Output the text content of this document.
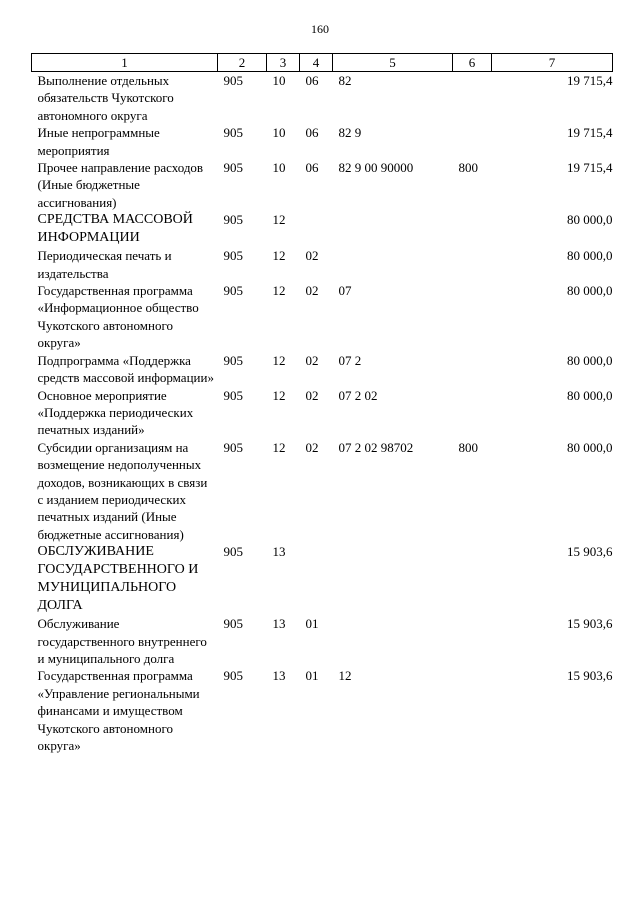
160
1	2	3	4	5	6	7
Выполнение отдельных обязательств Чукотского автономного округа	905	10	06	82		19 715,4
Иные непрограммные мероприятия	905	10	06	82 9		19 715,4
Прочее направление расходов (Иные бюджетные ассигнования)	905	10	06	82 9 00 90000	800	19 715,4
СРЕДСТВА МАССОВОЙ ИНФОРМАЦИИ	905	12				80 000,0
Периодическая печать и издательства	905	12	02			80 000,0
Государственная программа «Информационное общество Чукотского автономного округа»	905	12	02	07		80 000,0
Подпрограмма «Поддержка средств массовой информации»	905	12	02	07 2		80 000,0
Основное мероприятие «Поддержка периодических печатных изданий»	905	12	02	07 2 02		80 000,0
Субсидии организациям на возмещение недополученных доходов, возникающих в связи с изданием периодических печатных изданий (Иные бюджетные ассигнования)	905	12	02	07 2 02 98702	800	80 000,0
ОБСЛУЖИВАНИЕ ГОСУДАРСТВЕННОГО И МУНИЦИПАЛЬНОГО ДОЛГА	905	13				15 903,6
Обслуживание государственного внутреннего и муниципального долга	905	13	01			15 903,6
Государственная программа «Управление региональными финансами и имуществом Чукотского автономного округа»	905	13	01	12		15 903,6
